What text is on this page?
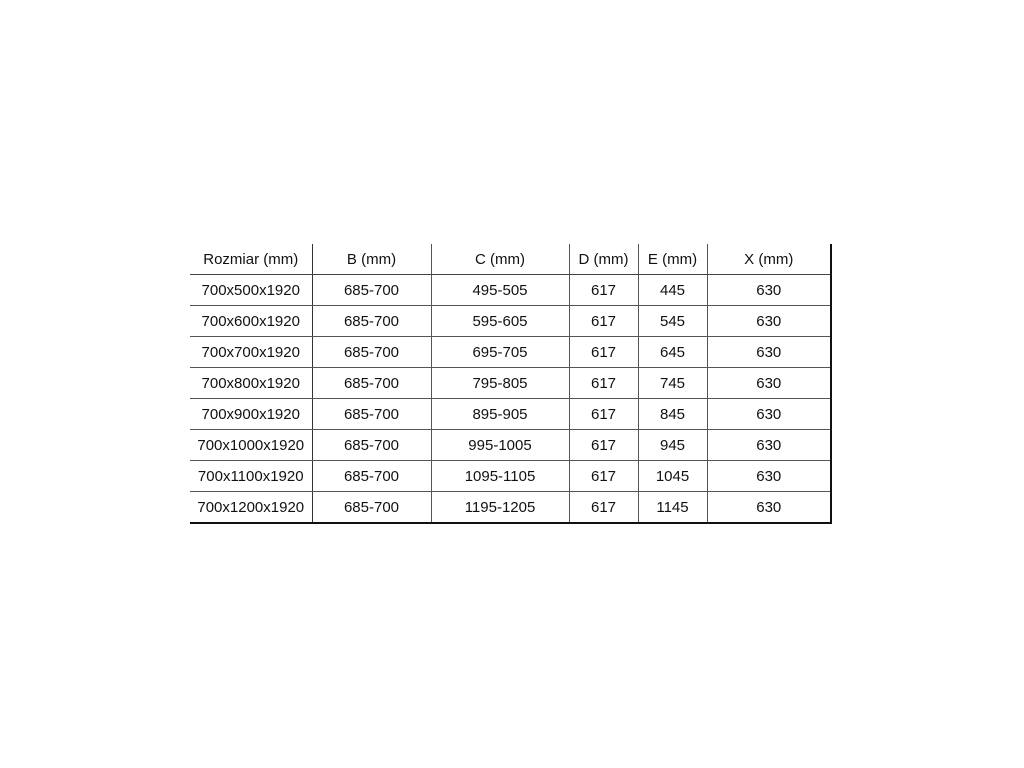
Rozmiar (mm)	B (mm)	C (mm)	D (mm)	E (mm)	X (mm)
700x500x1920	685-700	495-505	617	445	630
700x600x1920	685-700	595-605	617	545	630
700x700x1920	685-700	695-705	617	645	630
700x800x1920	685-700	795-805	617	745	630
700x900x1920	685-700	895-905	617	845	630
700x1000x1920	685-700	995-1005	617	945	630
700x1100x1920	685-700	1095-1105	617	1045	630
700x1200x1920	685-700	1195-1205	617	1145	630
